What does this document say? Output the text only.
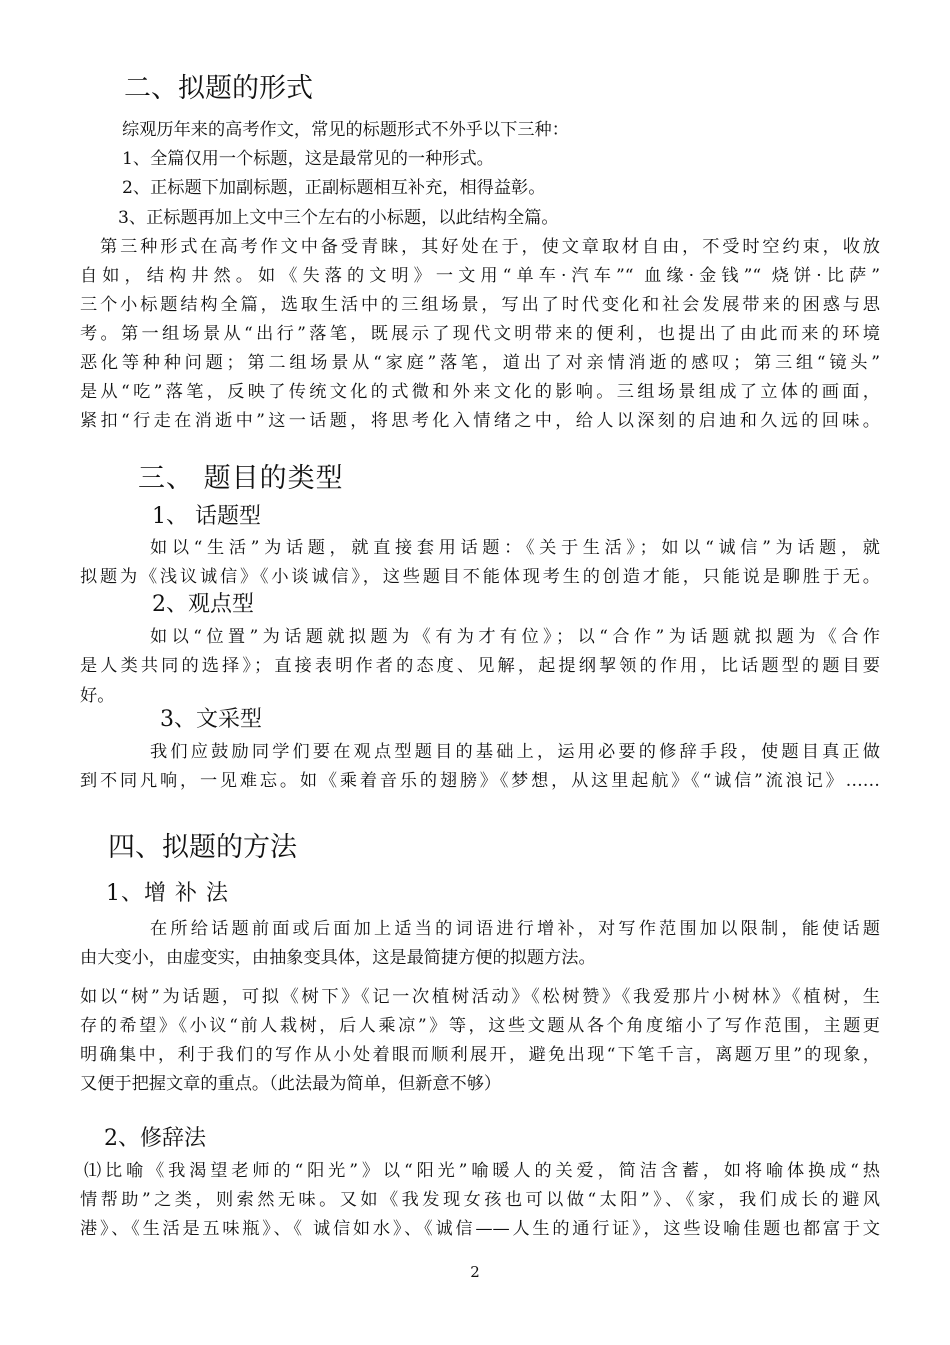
二、拟题的形式
综观历年来的高考作文，常见的标题形式不外乎以下三种：
1、全篇仅用一个标题，这是最常见的一种形式。
2、正标题下加副标题，正副标题相互补充，相得益彰。
3、正标题再加上文中三个左右的小标题，以此结构全篇。
第三种形式在高考作文中备受青睐，其好处在于，使文章取材自由，不受时空约束，收放
自如，结构井然。如《失落的文明》一文用“单车·汽车”“ 血缘·金钱”“ 烧饼·比萨”
三个小标题结构全篇，选取生活中的三组场景，写出了时代变化和社会发展带来的困惑与思
考。第一组场景从“出行”落笔，既展示了现代文明带来的便利，也提出了由此而来的环境
恶化等种种问题；第二组场景从“家庭”落笔，道出了对亲情消逝的感叹；第三组“镜头”
是从“吃”落笔，反映了传统文化的式微和外来文化的影响。三组场景组成了立体的画面，
紧扣“行走在消逝中”这一话题，将思考化入情绪之中，给人以深刻的启迪和久远的回味。
三、 题目的类型
1、 话题型
如以“生活”为话题，就直接套用话题：《关于生活》；如以“诚信”为话题，就
拟题为《浅议诚信》《小谈诚信》，这些题目不能体现考生的创造才能，只能说是聊胜于无。
2、观点型
如以“位置”为话题就拟题为《有为才有位》；以“合作”为话题就拟题为《合作
是人类共同的选择》；直接表明作者的态度、见解，起提纲挈领的作用，比话题型的题目要
好。
3、文采型
我们应鼓励同学们要在观点型题目的基础上，运用必要的修辞手段，使题目真正做
到不同凡响，一见难忘。如《乘着音乐的翅膀》《梦想，从这里起航》《“诚信”流浪记》……
四、拟题的方法
1、增 补 法
在所给话题前面或后面加上适当的词语进行增补，对写作范围加以限制，能使话题
由大变小，由虚变实，由抽象变具体，这是最简捷方便的拟题方法。
如以“树”为话题，可拟《树下》《记一次植树活动》《松树赞》《我爱那片小树林》《植树，生
存的希望》《小议“前人栽树，后人乘凉”》等，这些文题从各个角度缩小了写作范围，主题更
明确集中，利于我们的写作从小处着眼而顺利展开，避免出现“下笔千言，离题万里”的现象，
又便于把握文章的重点。（此法最为简单，但新意不够）
2、修辞法
⑴比喻《我渴望老师的“阳光”》以“阳光”喻暖人的关爱，简洁含蓄，如将喻体换成“热
情帮助”之类，则索然无味。又如《我发现女孩也可以做“太阳”》、《家，我们成长的避风
港》、《生活是五味瓶》、《 诚信如水》、《诚信——人生的通行证》，这些设喻佳题也都富于文
2
